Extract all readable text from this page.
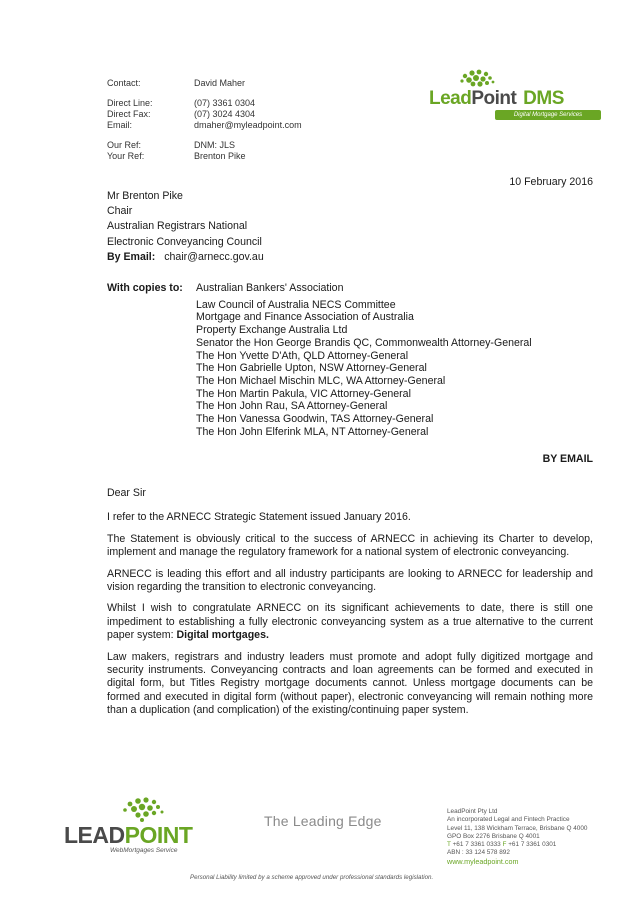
Contact:	David Maher
Direct Line:	(07) 3361 0304
Direct Fax:	(07) 3024 4304
Email:	dmaher@myleadpoint.com
Our Ref:	DNM: JLS
Your Ref:	Brenton Pike
LeadPoint DMS
Digital Mortgage Services
10 February 2016
Mr Brenton Pike
Chair
Australian Registrars National
Electronic Conveyancing Council
By Email: chair@arnecc.gov.au
With copies to: Australian Bankers' Association
Law Council of Australia NECS Committee
Mortgage and Finance Association of Australia
Property Exchange Australia Ltd
Senator the Hon George Brandis QC, Commonwealth Attorney-General
The Hon Yvette D'Ath, QLD Attorney-General
The Hon Gabrielle Upton, NSW Attorney-General
The Hon Michael Mischin MLC, WA Attorney-General
The Hon Martin Pakula, VIC Attorney-General
The Hon John Rau, SA Attorney-General
The Hon Vanessa Goodwin, TAS Attorney-General
The Hon John Elferink MLA, NT Attorney-General
BY EMAIL

Dear Sir

I refer to the ARNECC Strategic Statement issued January 2016.

The Statement is obviously critical to the success of ARNECC in achieving its Charter to develop, implement and manage the regulatory framework for a national system of electronic conveyancing.

ARNECC is leading this effort and all industry participants are looking to ARNECC for leadership and vision regarding the transition to electronic conveyancing.

Whilst I wish to congratulate ARNECC on its significant achievements to date, there is still one impediment to establishing a fully electronic conveyancing system as a true alternative to the current paper system: Digital mortgages.

Law makers, registrars and industry leaders must promote and adopt fully digitized mortgage and security instruments. Conveyancing contracts and loan agreements can be formed and executed in digital form, but Titles Registry mortgage documents cannot. Unless mortgage documents can be formed and executed in digital form (without paper), electronic conveyancing will remain nothing more than a duplication (and complication) of the existing/continuing paper system.

LEADPOINT
WebMortgages Service
The Leading Edge
LeadPoint Pty Ltd
An incorporated Legal and Fintech Practice
Level 11, 138 Wickham Terrace, Brisbane Q 4000
GPO Box 2276 Brisbane Q 4001
T +61 7 3361 0333 F +61 7 3361 0301
ABN : 33 124 578 892
www.myleadpoint.com
Personal Liability limited by a scheme approved under professional standards legislation.
